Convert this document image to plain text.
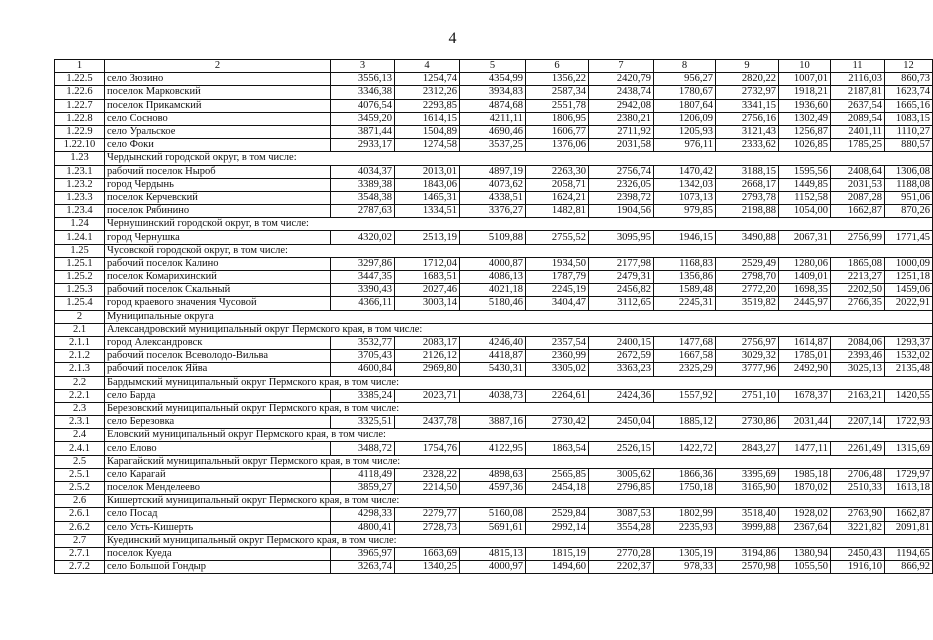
4
1	2	3	4	5	6	7	8	9	10	11	12
1.22.5	село Зюзино	3556,13	1254,74	4354,99	1356,22	2420,79	956,27	2820,22	1007,01	2116,03	860,73
1.22.6	поселок Марковский	3346,38	2312,26	3934,83	2587,34	2438,74	1780,67	2732,97	1918,21	2187,81	1623,74
1.22.7	поселок Прикамский	4076,54	2293,85	4874,68	2551,78	2942,08	1807,64	3341,15	1936,60	2637,54	1665,16
1.22.8	село Сосново	3459,20	1614,15	4211,11	1806,95	2380,21	1206,09	2756,16	1302,49	2089,54	1083,15
1.22.9	село Уральское	3871,44	1504,89	4690,46	1606,77	2711,92	1205,93	3121,43	1256,87	2401,11	1110,27
1.22.10	село Фоки	2933,17	1274,58	3537,25	1376,06	2031,58	976,11	2333,62	1026,85	1785,25	880,57
1.23	Чердынский городской округ, в том числе:										
1.23.1	рабочий поселок Ныроб	4034,37	2013,01	4897,19	2263,30	2756,74	1470,42	3188,15	1595,56	2408,64	1306,08
1.23.2	город Чердынь	3389,38	1843,06	4073,62	2058,71	2326,05	1342,03	2668,17	1449,85	2031,53	1188,08
1.23.3	поселок Керчевский	3548,38	1465,31	4338,51	1624,21	2398,72	1073,13	2793,78	1152,58	2087,28	951,06
1.23.4	поселок Рябинино	2787,63	1334,51	3376,27	1482,81	1904,56	979,85	2198,88	1054,00	1662,87	870,26
1.24	Чернушинский городской округ, в том числе:										
1.24.1	город Чернушка	4320,02	2513,19	5109,88	2755,52	3095,95	1946,15	3490,88	2067,31	2756,99	1771,45
1.25	Чусовской городской округ, в том числе:										
1.25.1	рабочий поселок Калино	3297,86	1712,04	4000,87	1934,50	2177,98	1168,83	2529,49	1280,06	1865,08	1000,09
1.25.2	поселок Комарихинский	3447,35	1683,51	4086,13	1787,79	2479,31	1356,86	2798,70	1409,01	2213,27	1251,18
1.25.3	рабочий поселок Скальный	3390,43	2027,46	4021,18	2245,19	2456,82	1589,48	2772,20	1698,35	2202,50	1459,06
1.25.4	город краевого значения Чусовой	4366,11	3003,14	5180,46	3404,47	3112,65	2245,31	3519,82	2445,97	2766,35	2022,91
2	Муниципальные округа										
2.1	Александровский муниципальный округ Пермского края, в том числе:										
2.1.1	город Александровск	3532,77	2083,17	4246,40	2357,54	2400,15	1477,68	2756,97	1614,87	2084,06	1293,37
2.1.2	рабочий поселок Всеволодо-Вильва	3705,43	2126,12	4418,87	2360,99	2672,59	1667,58	3029,32	1785,01	2393,46	1532,02
2.1.3	рабочий поселок Яйва	4600,84	2969,80	5430,31	3305,02	3363,23	2325,29	3777,96	2492,90	3025,13	2135,48
2.2	Бардымский муниципальный округ Пермского края, в том числе:										
2.2.1	село Барда	3385,24	2023,71	4038,73	2264,61	2424,36	1557,92	2751,10	1678,37	2163,21	1420,55
2.3	Березовский муниципальный округ Пермского края, в том числе:										
2.3.1	село Березовка	3325,51	2437,78	3887,16	2730,42	2450,04	1885,12	2730,86	2031,44	2207,14	1722,93
2.4	Еловский муниципальный округ Пермского края, в том числе:										
2.4.1	село Елово	3488,72	1754,76	4122,95	1863,54	2526,15	1422,72	2843,27	1477,11	2261,49	1315,69
2.5	Карагайский муниципальный округ Пермского края, в том числе:										
2.5.1	село Карагай	4118,49	2328,22	4898,63	2565,85	3005,62	1866,36	3395,69	1985,18	2706,48	1729,97
2.5.2	поселок Менделеево	3859,27	2214,50	4597,36	2454,18	2796,85	1750,18	3165,90	1870,02	2510,33	1613,18
2.6	Кишертский муниципальный округ Пермского края, в том числе:										
2.6.1	село Посад	4298,33	2279,77	5160,08	2529,84	3087,53	1802,99	3518,40	1928,02	2763,90	1662,87
2.6.2	село Усть-Кишерть	4800,41	2728,73	5691,61	2992,14	3554,28	2235,93	3999,88	2367,64	3221,82	2091,81
2.7	Куединский муниципальный округ Пермского края, в том числе:										
2.7.1	поселок Куеда	3965,97	1663,69	4815,13	1815,19	2770,28	1305,19	3194,86	1380,94	2450,43	1194,65
2.7.2	село Большой Гондыр	3263,74	1340,25	4000,97	1494,60	2202,37	978,33	2570,98	1055,50	1916,10	866,92
